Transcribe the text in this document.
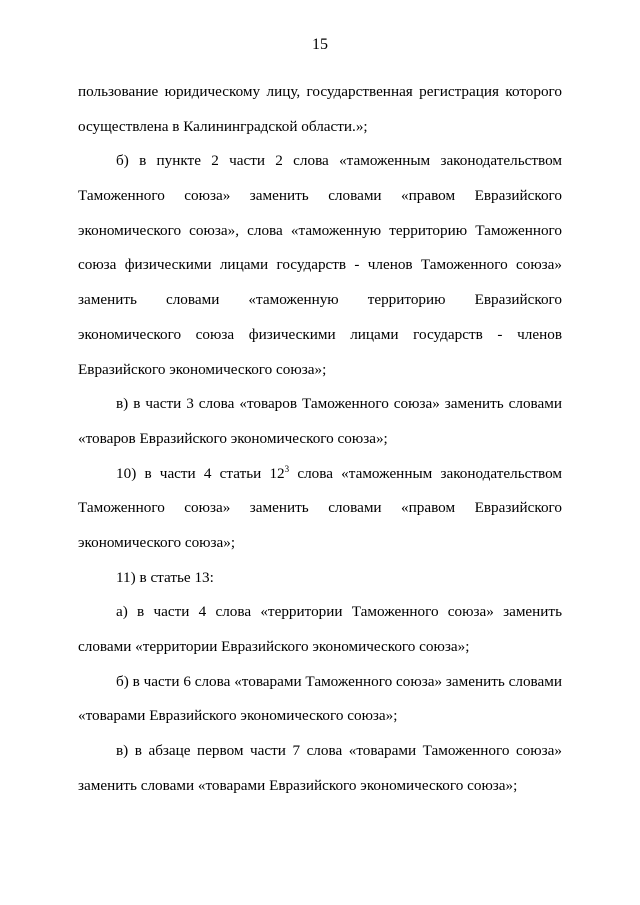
15
пользование юридическому лицу, государственная регистрация которого
осуществлена в Калининградской области.»;
б) в пункте 2 части 2 слова «таможенным законодательством
Таможенного союза» заменить словами «правом Евразийского
экономического союза», слова «таможенную территорию Таможенного
союза физическими лицами государств - членов Таможенного союза»
заменить словами «таможенную территорию Евразийского
экономического союза физическими лицами государств - членов
Евразийского экономического союза»;
в) в части 3 слова «товаров Таможенного союза» заменить словами
«товаров Евразийского экономического союза»;
10) в части 4 статьи $12^3$ слова «таможенным законодательством
Таможенного союза» заменить словами «правом Евразийского
экономического союза»;
11) в статье 13:
а) в части 4 слова «территории Таможенного союза» заменить
словами «территории Евразийского экономического союза»;
б) в части 6 слова «товарами Таможенного союза» заменить словами
«товарами Евразийского экономического союза»;
в) в абзаце первом части 7 слова «товарами Таможенного союза»
заменить словами «товарами Евразийского экономического союза»;
